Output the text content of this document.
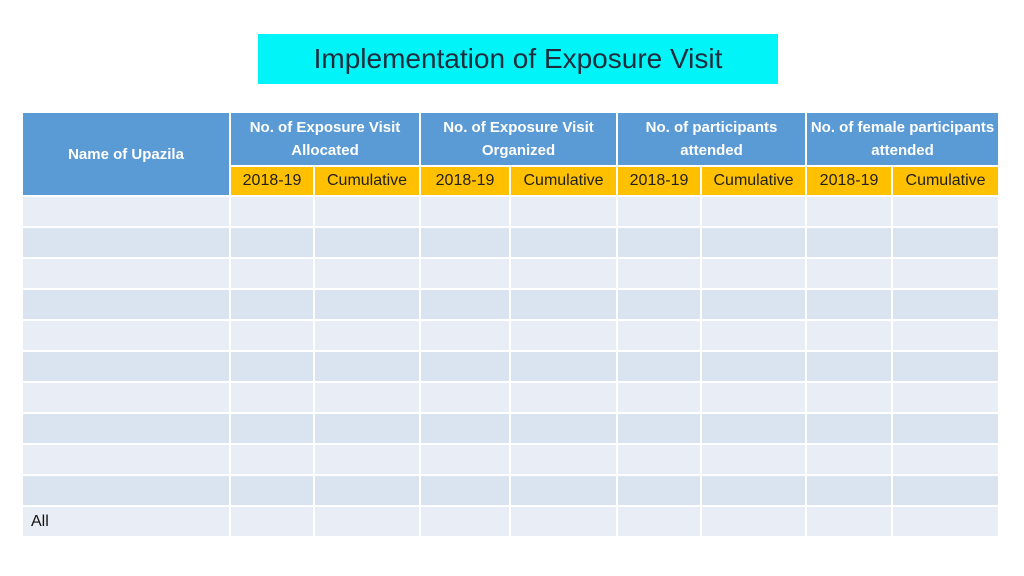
Implementation of Exposure Visit
Name of Upazila	No. of Exposure Visit Allocated		No. of Exposure Visit Organized		No. of participants attended		No. of female participants attended	
	2018-19	Cumulative	2018-19	Cumulative	2018-19	Cumulative	2018-19	Cumulative

All								
